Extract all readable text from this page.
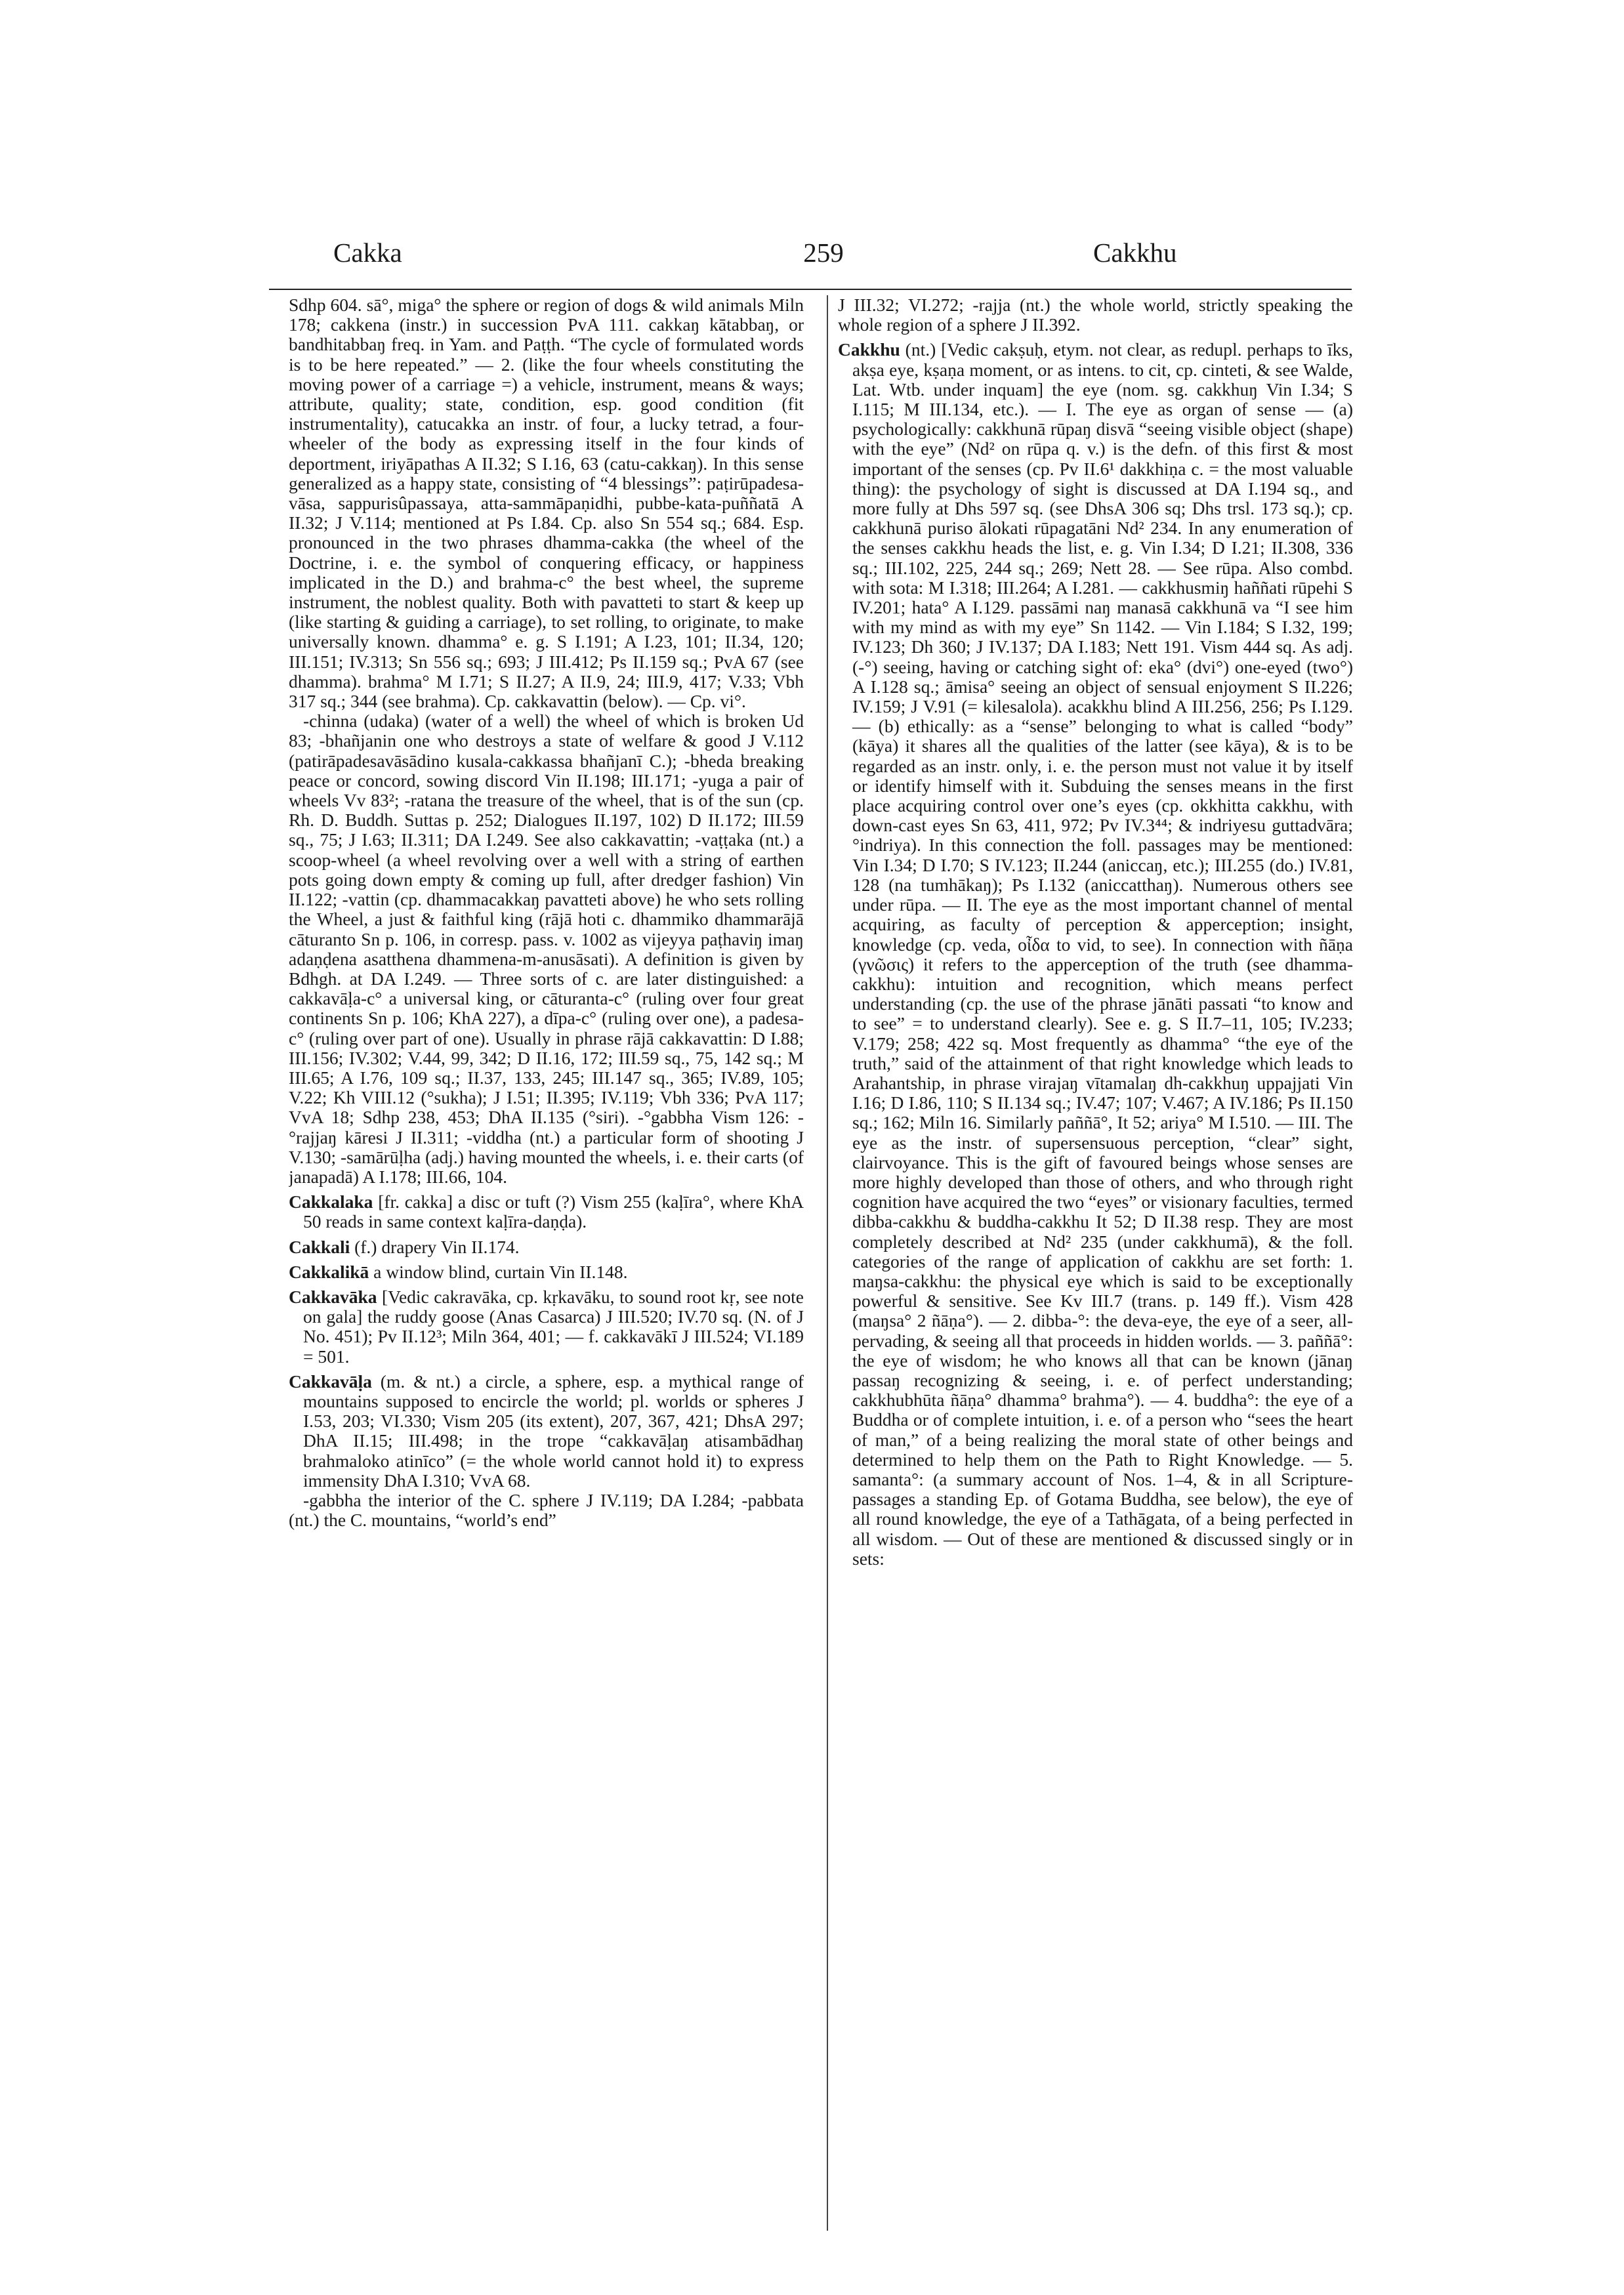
Cakka	259	Cakkhu

Sdhp 604. sā°, miga° the sphere or region of dogs & wild animals Miln 178; cakkena (instr.) in succession PvA 111. cakkaŋ kātabbaŋ, or bandhitabbaŋ freq. in Yam. and Paṭṭh. “The cycle of formulated words is to be here repeated.” — 2. (like the four wheels constituting the moving power of a carriage =) a vehicle, instrument, means & ways; attribute, quality; state, condition, esp. good condition (fit instrumentality), catucakka an instr. of four, a lucky tetrad, a four-wheeler of the body as expressing itself in the four kinds of deportment, iriyāpathas A II.32; S I.16, 63 (catu-cakkaŋ). In this sense generalized as a happy state, consisting of “4 blessings”: paṭirūpadesa-vāsa, sappurisûpassaya, atta-sammāpaṇidhi, pubbe-kata-puññatā A II.32; J V.114; mentioned at Ps I.84. Cp. also Sn 554 sq.; 684. Esp. pronounced in the two phrases dhamma-cakka (the wheel of the Doctrine, i. e. the symbol of conquering efficacy, or happiness implicated in the D.) and brahma-c° the best wheel, the supreme instrument, the noblest quality. Both with pavatteti to start & keep up (like starting & guiding a carriage), to set rolling, to originate, to make universally known. dhamma° e. g. S I.191; A I.23, 101; II.34, 120; III.151; IV.313; Sn 556 sq.; 693; J III.412; Ps II.159 sq.; PvA 67 (see dhamma). brahma° M I.71; S II.27; A II.9, 24; III.9, 417; V.33; Vbh 317 sq.; 344 (see brahma). Cp. cakkavattin (below). — Cp. vi°.

-chinna (udaka) (water of a well) the wheel of which is broken Ud 83; -bhañjanin one who destroys a state of welfare & good J V.112 (patirāpadesavāsādino kusala-cakkassa bhañjanī C.); -bheda breaking peace or concord, sowing discord Vin II.198; III.171; -yuga a pair of wheels Vv 83²; -ratana the treasure of the wheel, that is of the sun (cp. Rh. D. Buddh. Suttas p. 252; Dialogues II.197, 102) D II.172; III.59 sq., 75; J I.63; II.311; DA I.249. See also cakkavattin; -vaṭṭaka (nt.) a scoop-wheel (a wheel revolving over a well with a string of earthen pots going down empty & coming up full, after dredger fashion) Vin II.122; -vattin (cp. dhammacakkaŋ pavatteti above) he who sets rolling the Wheel, a just & faithful king (rājā hoti c. dhammiko dhammarājā cāturanto Sn p. 106, in corresp. pass. v. 1002 as vijeyya paṭhaviŋ imaŋ adaṇḍena asatthena dhammena-m-anusāsati). A definition is given by Bdhgh. at DA I.249. — Three sorts of c. are later distinguished: a cakkavāḷa-c° a universal king, or cāturanta-c° (ruling over four great continents Sn p. 106; KhA 227), a dīpa-c° (ruling over one), a padesa-c° (ruling over part of one). Usually in phrase rājā cakkavattin: D I.88; III.156; IV.302; V.44, 99, 342; D II.16, 172; III.59 sq., 75, 142 sq.; M III.65; A I.76, 109 sq.; II.37, 133, 245; III.147 sq., 365; IV.89, 105; V.22; Kh VIII.12 (°sukha); J I.51; II.395; IV.119; Vbh 336; PvA 117; VvA 18; Sdhp 238, 453; DhA II.135 (°siri). -°gabbha Vism 126: -°rajjaŋ kāresi J II.311; -viddha (nt.) a particular form of shooting J V.130; -samārūḷha (adj.) having mounted the wheels, i. e. their carts (of janapadā) A I.178; III.66, 104.

Cakkalaka [fr. cakka] a disc or tuft (?) Vism 255 (kaḷīra°, where KhA 50 reads in same context kaḷīra-daṇḍa).

Cakkali (f.) drapery Vin II.174.

Cakkalikā a window blind, curtain Vin II.148.

Cakkavāka [Vedic cakravāka, cp. kṛkavāku, to sound root kṛ, see note on gala] the ruddy goose (Anas Casarca) J III.520; IV.70 sq. (N. of J No. 451); Pv II.12³; Miln 364, 401; — f. cakkavākī J III.524; VI.189 = 501.

Cakkavāḷa (m. & nt.) a circle, a sphere, esp. a mythical range of mountains supposed to encircle the world; pl. worlds or spheres J I.53, 203; VI.330; Vism 205 (its extent), 207, 367, 421; DhsA 297; DhA II.15; III.498; in the trope “cakkavāḷaŋ atisambādhaŋ brahmaloko atinīco” (= the whole world cannot hold it) to express immensity DhA I.310; VvA 68.

-gabbha the interior of the C. sphere J IV.119; DA I.284; -pabbata (nt.) the C. mountains, “world’s end”

J III.32; VI.272; -rajja (nt.) the whole world, strictly speaking the whole region of a sphere J II.392.

Cakkhu (nt.) [Vedic cakṣuḥ, etym. not clear, as redupl. perhaps to īks, akṣa eye, kṣaṇa moment, or as intens. to cit, cp. cinteti, & see Walde, Lat. Wtb. under inquam] the eye (nom. sg. cakkhuŋ Vin I.34; S I.115; M III.134, etc.). — I. The eye as organ of sense — (a) psychologically: cakkhunā rūpaŋ disvā “seeing visible object (shape) with the eye” (Nd² on rūpa q. v.) is the defn. of this first & most important of the senses (cp. Pv II.6¹ dakkhiṇa c. = the most valuable thing): the psychology of sight is discussed at DA I.194 sq., and more fully at Dhs 597 sq. (see DhsA 306 sq; Dhs trsl. 173 sq.); cp. cakkhunā puriso ālokati rūpagatāni Nd² 234. In any enumeration of the senses cakkhu heads the list, e. g. Vin I.34; D I.21; II.308, 336 sq.; III.102, 225, 244 sq.; 269; Nett 28. — See rūpa. Also combd. with sota: M I.318; III.264; A I.281. — cakkhusmiŋ haññati rūpehi S IV.201; hata° A I.129. passāmi naŋ manasā cakkhunā va “I see him with my mind as with my eye” Sn 1142. — Vin I.184; S I.32, 199; IV.123; Dh 360; J IV.137; DA I.183; Nett 191. Vism 444 sq. As adj. (-°) seeing, having or catching sight of: eka° (dvi°) one-eyed (two°) A I.128 sq.; āmisa° seeing an object of sensual enjoyment S II.226; IV.159; J V.91 (= kilesalola). acakkhu blind A III.256, 256; Ps I.129. — (b) ethically: as a “sense” belonging to what is called “body” (kāya) it shares all the qualities of the latter (see kāya), & is to be regarded as an instr. only, i. e. the person must not value it by itself or identify himself with it. Subduing the senses means in the first place acquiring control over one’s eyes (cp. okkhitta cakkhu, with down-cast eyes Sn 63, 411, 972; Pv IV.3⁴⁴; & indriyesu guttadvāra; °indriya). In this connection the foll. passages may be mentioned: Vin I.34; D I.70; S IV.123; II.244 (aniccaŋ, etc.); III.255 (do.) IV.81, 128 (na tumhākaŋ); Ps I.132 (aniccatthaŋ). Numerous others see under rūpa. — II. The eye as the most important channel of mental acquiring, as faculty of perception & apperception; insight, knowledge (cp. veda, οἶδα to vid, to see). In connection with ñāṇa (γνῶσις) it refers to the apperception of the truth (see dhamma-cakkhu): intuition and recognition, which means perfect understanding (cp. the use of the phrase jānāti passati “to know and to see” = to understand clearly). See e. g. S II.7–11, 105; IV.233; V.179; 258; 422 sq. Most frequently as dhamma° “the eye of the truth,” said of the attainment of that right knowledge which leads to Arahantship, in phrase virajaŋ vītamalaŋ dh-cakkhuŋ uppajjati Vin I.16; D I.86, 110; S II.134 sq.; IV.47; 107; V.467; A IV.186; Ps II.150 sq.; 162; Miln 16. Similarly paññā°, It 52; ariya° M I.510. — III. The eye as the instr. of supersensuous perception, “clear” sight, clairvoyance. This is the gift of favoured beings whose senses are more highly developed than those of others, and who through right cognition have acquired the two “eyes” or visionary faculties, termed dibba-cakkhu & buddha-cakkhu It 52; D II.38 resp. They are most completely described at Nd² 235 (under cakkhumā), & the foll. categories of the range of application of cakkhu are set forth: 1. maŋsa-cakkhu: the physical eye which is said to be exceptionally powerful & sensitive. See Kv III.7 (trans. p. 149 ff.). Vism 428 (maŋsa° 2 ñāṇa°). — 2. dibba-°: the deva-eye, the eye of a seer, all-pervading, & seeing all that proceeds in hidden worlds. — 3. paññā°: the eye of wisdom; he who knows all that can be known (jānaŋ passaŋ recognizing & seeing, i. e. of perfect understanding; cakkhubhūta ñāṇa° dhamma° brahma°). — 4. buddha°: the eye of a Buddha or of complete intuition, i. e. of a person who “sees the heart of man,” of a being realizing the moral state of other beings and determined to help them on the Path to Right Knowledge. — 5. samanta°: (a summary account of Nos. 1–4, & in all Scripture-passages a standing Ep. of Gotama Buddha, see below), the eye of all round knowledge, the eye of a Tathāgata, of a being perfected in all wisdom. — Out of these are mentioned & discussed singly or in sets:
